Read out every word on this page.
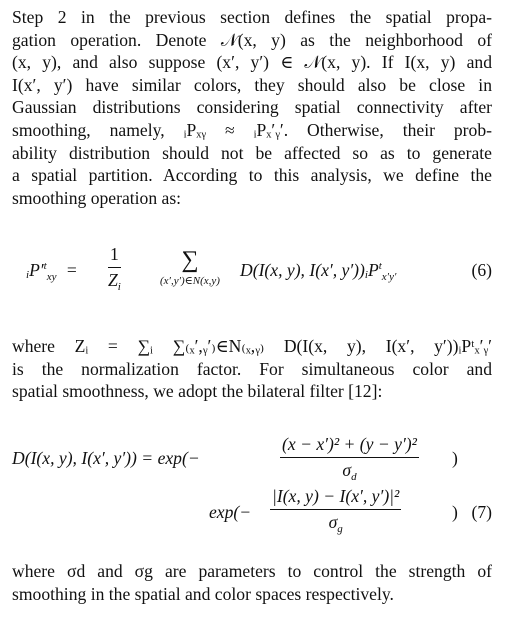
Step 2 in the previous section defines the spatial propa-
gation operation. Denote 𝒩(x, y) as the neighborhood of
(x, y), and also suppose (x′, y′) ∈ 𝒩(x, y). If I(x, y) and
I(x′, y′) have similar colors, they should also be close in
Gaussian distributions considering spatial connectivity after
smoothing, namely, ᵢPₓᵧ ≈ ᵢPₓ′ᵧ′. Otherwise, their prob-
ability distribution should not be affected so as to generate
a spatial partition. According to this analysis, we define the
smoothing operation as:
$iP'^t_{xy}$ =	$\frac{1}{Z_i}$	∑
(x′,y′)∈N(x,y)
D(I(x, y), I(x′, $y'))iP^t_{x'y'}$	(6)
where Zᵢ = ∑ᵢ ∑₍ₓ′,ᵧ′₎∈N₍ₓ,ᵧ₎ D(I(x, y), I(x′, y′))ᵢPᵗₓ′ᵧ′
is the normalization factor. For simultaneous color and
spatial smoothness, we adopt the bilateral filter [12]:
D(I(x, y), I(x′, y′)) = exp(−	$\frac{\text{(x − x′)² + (y − y′)²}}{\sigma_d}$ )
$\exp(- \frac{\text{|I(x, y) − I(x′, y′)|²}}{\sigma_g}$	) (7)
where σd and σg are parameters to control the strength of
smoothing in the spatial and color spaces respectively.
